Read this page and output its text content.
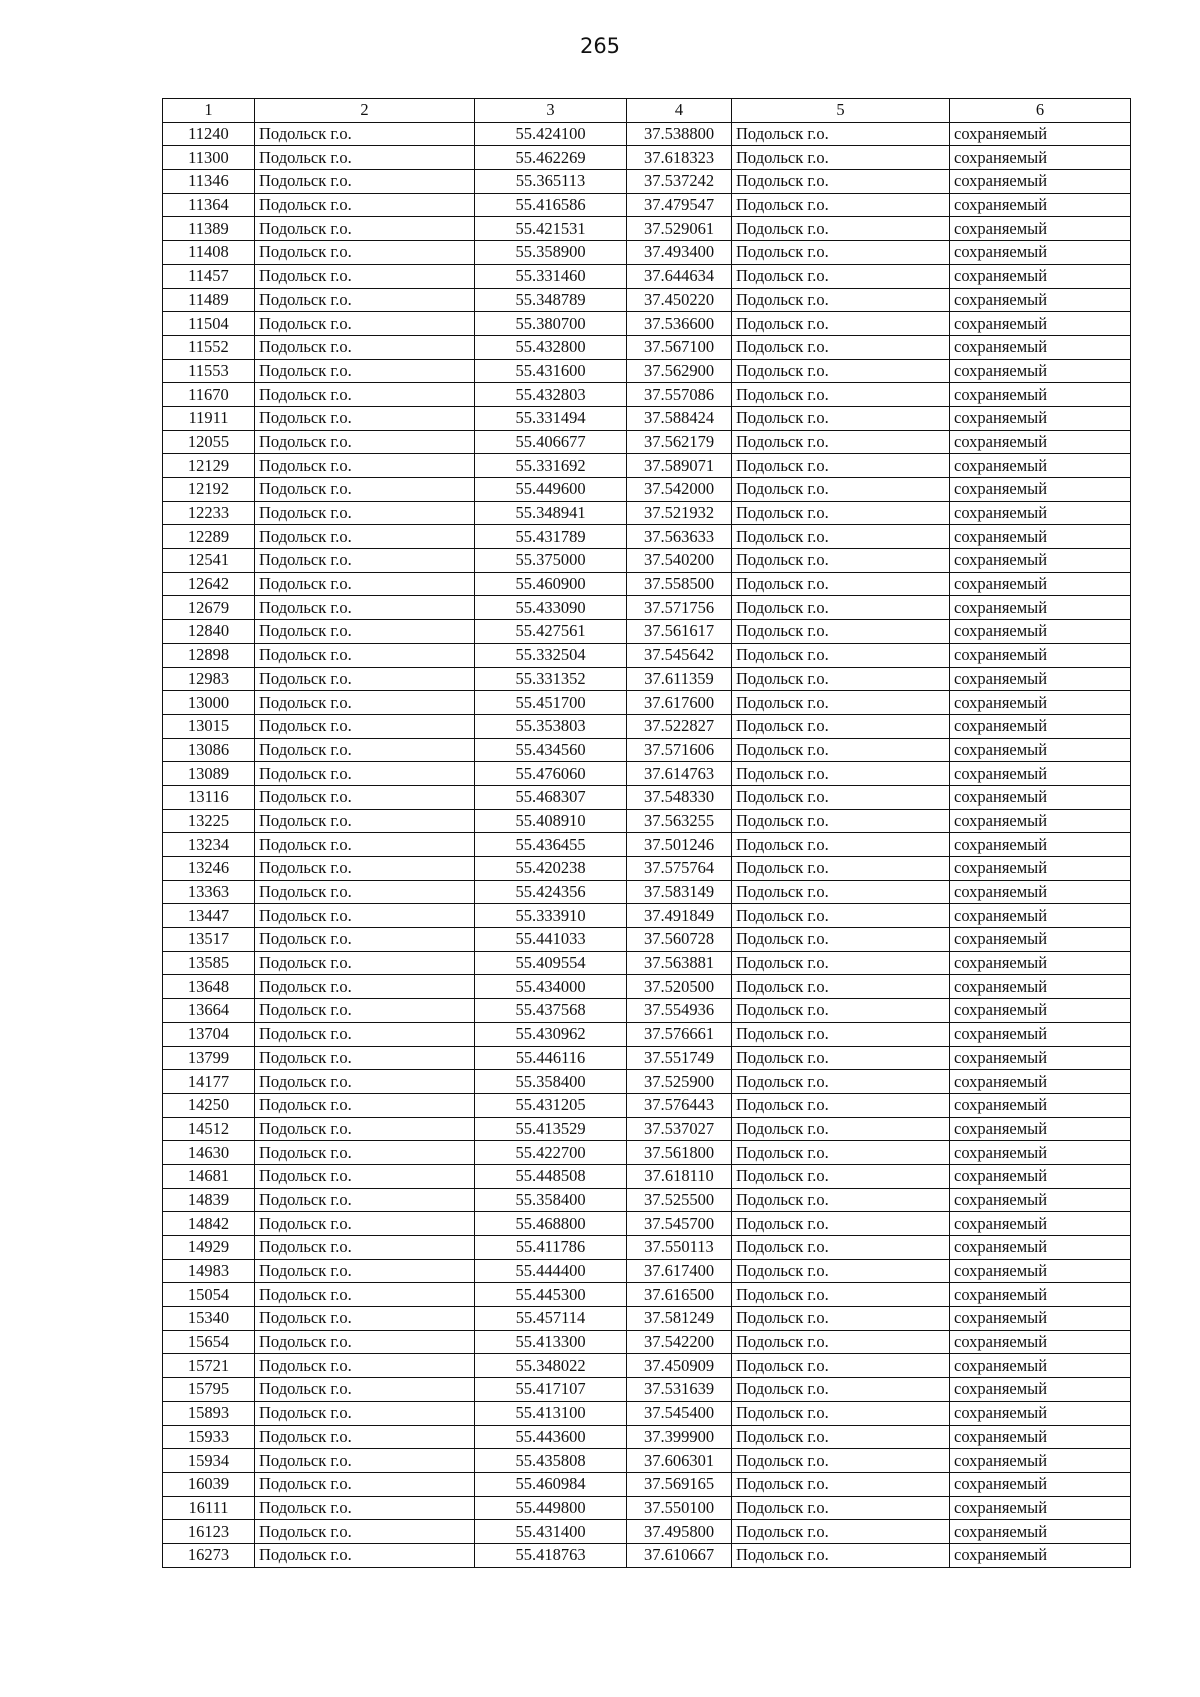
265
1	2	3	4	5	6
11240	Подольск г.о.	55.424100	37.538800	Подольск г.о.	сохраняемый
11300	Подольск г.о.	55.462269	37.618323	Подольск г.о.	сохраняемый
11346	Подольск г.о.	55.365113	37.537242	Подольск г.о.	сохраняемый
11364	Подольск г.о.	55.416586	37.479547	Подольск г.о.	сохраняемый
11389	Подольск г.о.	55.421531	37.529061	Подольск г.о.	сохраняемый
11408	Подольск г.о.	55.358900	37.493400	Подольск г.о.	сохраняемый
11457	Подольск г.о.	55.331460	37.644634	Подольск г.о.	сохраняемый
11489	Подольск г.о.	55.348789	37.450220	Подольск г.о.	сохраняемый
11504	Подольск г.о.	55.380700	37.536600	Подольск г.о.	сохраняемый
11552	Подольск г.о.	55.432800	37.567100	Подольск г.о.	сохраняемый
11553	Подольск г.о.	55.431600	37.562900	Подольск г.о.	сохраняемый
11670	Подольск г.о.	55.432803	37.557086	Подольск г.о.	сохраняемый
11911	Подольск г.о.	55.331494	37.588424	Подольск г.о.	сохраняемый
12055	Подольск г.о.	55.406677	37.562179	Подольск г.о.	сохраняемый
12129	Подольск г.о.	55.331692	37.589071	Подольск г.о.	сохраняемый
12192	Подольск г.о.	55.449600	37.542000	Подольск г.о.	сохраняемый
12233	Подольск г.о.	55.348941	37.521932	Подольск г.о.	сохраняемый
12289	Подольск г.о.	55.431789	37.563633	Подольск г.о.	сохраняемый
12541	Подольск г.о.	55.375000	37.540200	Подольск г.о.	сохраняемый
12642	Подольск г.о.	55.460900	37.558500	Подольск г.о.	сохраняемый
12679	Подольск г.о.	55.433090	37.571756	Подольск г.о.	сохраняемый
12840	Подольск г.о.	55.427561	37.561617	Подольск г.о.	сохраняемый
12898	Подольск г.о.	55.332504	37.545642	Подольск г.о.	сохраняемый
12983	Подольск г.о.	55.331352	37.611359	Подольск г.о.	сохраняемый
13000	Подольск г.о.	55.451700	37.617600	Подольск г.о.	сохраняемый
13015	Подольск г.о.	55.353803	37.522827	Подольск г.о.	сохраняемый
13086	Подольск г.о.	55.434560	37.571606	Подольск г.о.	сохраняемый
13089	Подольск г.о.	55.476060	37.614763	Подольск г.о.	сохраняемый
13116	Подольск г.о.	55.468307	37.548330	Подольск г.о.	сохраняемый
13225	Подольск г.о.	55.408910	37.563255	Подольск г.о.	сохраняемый
13234	Подольск г.о.	55.436455	37.501246	Подольск г.о.	сохраняемый
13246	Подольск г.о.	55.420238	37.575764	Подольск г.о.	сохраняемый
13363	Подольск г.о.	55.424356	37.583149	Подольск г.о.	сохраняемый
13447	Подольск г.о.	55.333910	37.491849	Подольск г.о.	сохраняемый
13517	Подольск г.о.	55.441033	37.560728	Подольск г.о.	сохраняемый
13585	Подольск г.о.	55.409554	37.563881	Подольск г.о.	сохраняемый
13648	Подольск г.о.	55.434000	37.520500	Подольск г.о.	сохраняемый
13664	Подольск г.о.	55.437568	37.554936	Подольск г.о.	сохраняемый
13704	Подольск г.о.	55.430962	37.576661	Подольск г.о.	сохраняемый
13799	Подольск г.о.	55.446116	37.551749	Подольск г.о.	сохраняемый
14177	Подольск г.о.	55.358400	37.525900	Подольск г.о.	сохраняемый
14250	Подольск г.о.	55.431205	37.576443	Подольск г.о.	сохраняемый
14512	Подольск г.о.	55.413529	37.537027	Подольск г.о.	сохраняемый
14630	Подольск г.о.	55.422700	37.561800	Подольск г.о.	сохраняемый
14681	Подольск г.о.	55.448508	37.618110	Подольск г.о.	сохраняемый
14839	Подольск г.о.	55.358400	37.525500	Подольск г.о.	сохраняемый
14842	Подольск г.о.	55.468800	37.545700	Подольск г.о.	сохраняемый
14929	Подольск г.о.	55.411786	37.550113	Подольск г.о.	сохраняемый
14983	Подольск г.о.	55.444400	37.617400	Подольск г.о.	сохраняемый
15054	Подольск г.о.	55.445300	37.616500	Подольск г.о.	сохраняемый
15340	Подольск г.о.	55.457114	37.581249	Подольск г.о.	сохраняемый
15654	Подольск г.о.	55.413300	37.542200	Подольск г.о.	сохраняемый
15721	Подольск г.о.	55.348022	37.450909	Подольск г.о.	сохраняемый
15795	Подольск г.о.	55.417107	37.531639	Подольск г.о.	сохраняемый
15893	Подольск г.о.	55.413100	37.545400	Подольск г.о.	сохраняемый
15933	Подольск г.о.	55.443600	37.399900	Подольск г.о.	сохраняемый
15934	Подольск г.о.	55.435808	37.606301	Подольск г.о.	сохраняемый
16039	Подольск г.о.	55.460984	37.569165	Подольск г.о.	сохраняемый
16111	Подольск г.о.	55.449800	37.550100	Подольск г.о.	сохраняемый
16123	Подольск г.о.	55.431400	37.495800	Подольск г.о.	сохраняемый
16273	Подольск г.о.	55.418763	37.610667	Подольск г.о.	сохраняемый
